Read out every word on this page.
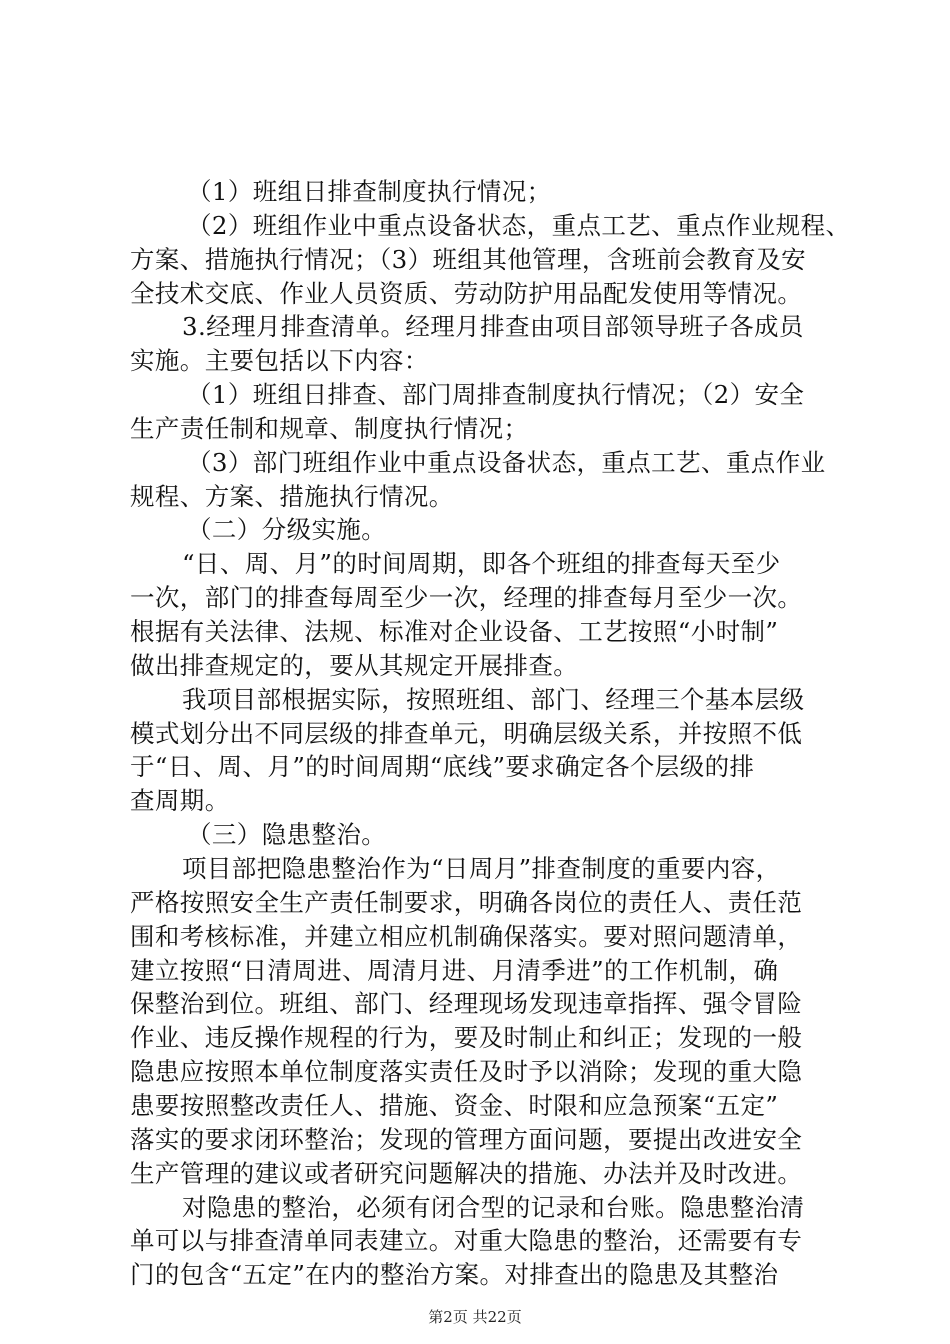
（1）班组日排查制度执行情况；
（2）班组作业中重点设备状态，重点工艺、重点作业规程、
方案、措施执行情况；（3）班组其他管理，含班前会教育及安
全技术交底、作业人员资质、劳动防护用品配发使用等情况。
3.经理月排查清单。经理月排查由项目部领导班子各成员
实施。主要包括以下内容：
（1）班组日排查、部门周排查制度执行情况；（2）安全
生产责任制和规章、制度执行情况；
（3）部门班组作业中重点设备状态，重点工艺、重点作业
规程、方案、措施执行情况。
（二）分级实施。
“日、周、月”的时间周期，即各个班组的排查每天至少
一次，部门的排查每周至少一次，经理的排查每月至少一次。
根据有关法律、法规、标准对企业设备、工艺按照“小时制”
做出排查规定的，要从其规定开展排查。
我项目部根据实际，按照班组、部门、经理三个基本层级
模式划分出不同层级的排查单元，明确层级关系，并按照不低
于“日、周、月”的时间周期“底线”要求确定各个层级的排
查周期。
（三）隐患整治。
项目部把隐患整治作为“日周月”排查制度的重要内容，
严格按照安全生产责任制要求，明确各岗位的责任人、责任范
围和考核标准，并建立相应机制确保落实。要对照问题清单，
建立按照“日清周进、周清月进、月清季进”的工作机制，确
保整治到位。班组、部门、经理现场发现违章指挥、强令冒险
作业、违反操作规程的行为，要及时制止和纠正；发现的一般
隐患应按照本单位制度落实责任及时予以消除；发现的重大隐
患要按照整改责任人、措施、资金、时限和应急预案“五定”
落实的要求闭环整治；发现的管理方面问题，要提出改进安全
生产管理的建议或者研究问题解决的措施、办法并及时改进。
对隐患的整治，必须有闭合型的记录和台账。隐患整治清
单可以与排查清单同表建立。对重大隐患的整治，还需要有专
门的包含“五定”在内的整治方案。对排查出的隐患及其整治
第2页 共22页
